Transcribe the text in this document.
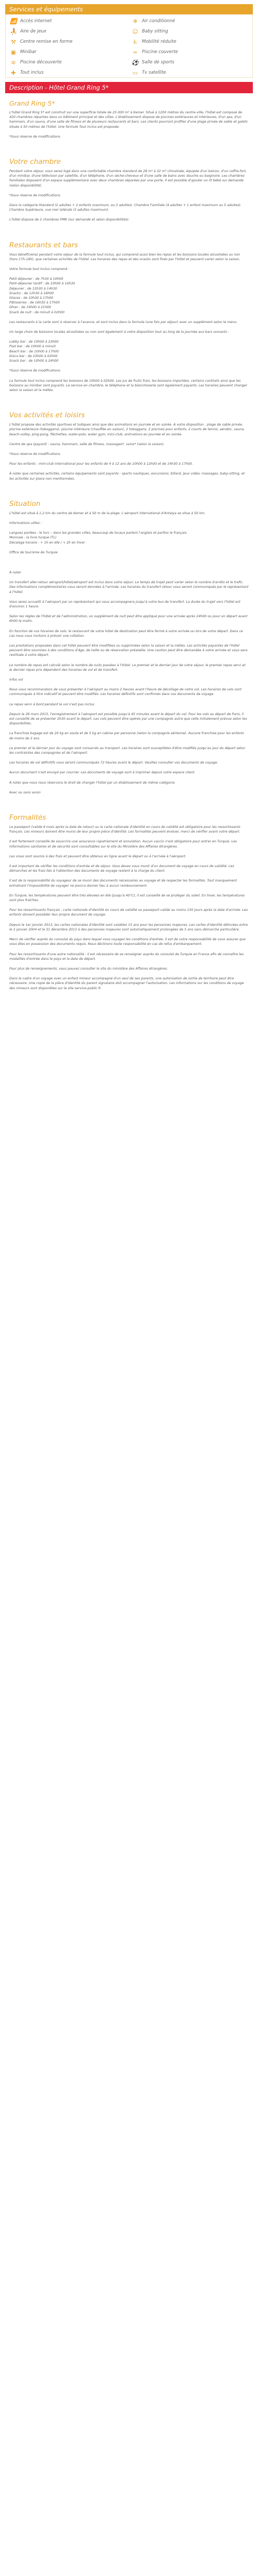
Services et équipements
📶 Accès internet	❄ Air conditionné
⛹ Aire de jeux	☺ Baby sitting
⚒ Centre remise en forme	♿ Mobilité réduite
▣ Minibar	≈ Piscine couverte
≋ Piscine découverte	⚽ Salle de sports
✚ Tout inclus	▭ Tv satellite
Description - Hôtel Grand Ring 5*
Grand Ring 5*

L'hôtel Grand Ring 5* est construit sur une superficie totale de 25 000 m² à Kemer. Situé à 1200 mètres du centre-ville, l'hôtel est composé de 420 chambres réparties dans un bâtiment principal et des villas. L'établissement dispose de piscines extérieures et intérieures, d'un spa, d'un hammam, d'un sauna, d'une salle de fitness et de plusieurs restaurants et bars. Les clients pourront profiter d'une plage privée de sable et galets située à 50 mètres de l'hôtel. Une formule Tout inclus est proposée.

*Sous réserve de modifications.

Votre chambre

Pendant votre séjour, vous serez logé dans une confortable chambre standard de 28 m² à 32 m² climatisée, équipée d'un balcon, d'un coffre-fort, d'un minibar, d'une télévision par satellite, d'un téléphone, d'un sèche-cheveux et d'une salle de bains avec douche ou baignoire. Les chambres familiales disposent d'un espace supplémentaire avec deux chambres séparées par une porte. Il est possible d'ajouter un lit bébé sur demande (selon disponibilité).

*Sous réserve de modifications.

Dans la catégorie Standard (2 adultes + 2 enfants maximum, ou 3 adultes). Chambre Familiale (4 adultes + 1 enfant maximum ou 5 adultes). Chambre Supérieure, vue mer latérale (3 adultes maximum).

L'hôtel dispose de 2 chambres PMR (sur demande et selon disponibilités).

Restaurants et bars

Vous bénéficierez pendant votre séjour de la formule tout inclus, qui comprend aussi bien les repas et les boissons locales alcoolisées ou non (hors 17h-18h), que certaines activités de l'hôtel. Les horaires des repas et des snacks sont fixés par l'hôtel et peuvent varier selon la saison.

Votre formule tout inclus comprend :

Petit-déjeuner : de 7h30 à 10h00
Petit-déjeuner tardif : de 10h00 à 10h30
Déjeuner : de 12h30 à 14h30
Snacks : de 12h30 à 16h00
Glaces : de 10h30 à 17h00
Pâtisseries : de 16h30 à 17h00
Dîner : de 19h00 à 21h00
Snack de nuit : de minuit à 02h00

Les restaurants à la carte sont à réserver à l'avance, et sont inclus dans la formule (une fois par séjour) avec un supplément selon le menu.

Un large choix de boissons locales alcoolisées ou non sont également à votre disposition tout au long de la journée aux bars suivants :

Lobby bar : de 10h00 à 23h00
Pool bar : de 10h00 à minuit
Beach bar : de 10h00 à 17h00
Disco bar : de 23h00 à 02h00
Snack bar : de 10h00 à 24h00

*Sous réserve de modifications.

La formule tout inclus comprend les boissons de 10h00 à 02h00. Les jus de fruits frais, les boissons importées, certains cocktails ainsi que les boissons au minibar sont payants. Le service en chambre, le téléphone et la blanchisserie sont également payants. Les horaires peuvent changer selon la saison et la météo.

Vos activités et loisirs

L'hôtel propose des activités sportives et ludiques ainsi que des animations en journée et en soirée. À votre disposition : plage de sable privée, piscine extérieure (toboggans), piscine intérieure (chauffée en saison), 2 toboggans, 2 piscines pour enfants, 2 courts de tennis, aérobic, sauna, beach-volley, ping-pong, fléchettes, water-polo, water gym, mini-club, animations en journée et en soirée.

Centre de spa (payant) : sauna, hammam, salle de fitness, massages*, soins* (selon la saison).

*Sous réserve de modifications.

Pour les enfants : mini-club international pour les enfants de 4 à 12 ans de 10h00 à 12h00 et de 14h30 à 17h00.

À noter que certaines activités, certains équipements sont payants : sports nautiques, excursions, billard, jeux vidéo, massages, baby-sitting, et les activités sur place non mentionnées.

Situation

L'hôtel est situé à 1,2 km du centre de Kemer et à 50 m de la plage. L'aéroport international d'Antalya se situe à 50 km.

Informations utiles :

Langues parlées : le turc – dans les grandes villes, beaucoup de locaux parlent l'anglais et parfois le français.
Monnaie : la livre turque (TL)
Décalage horaire : + 1h en été / + 2h en hiver

Office de tourisme de Turquie

À noter

Un transfert aller-retour aéroport/hôtel/aéroport est inclus dans votre séjour. Le temps de trajet peut varier selon le nombre d'arrêts et le trafic. Des informations complémentaires vous seront données à l'arrivée. Les horaires du transfert retour vous seront communiqués par le représentant à l'hôtel.

Vous serez accueilli à l'aéroport par un représentant qui vous accompagnera jusqu'à votre bus de transfert. La durée du trajet vers l'hôtel est d'environ 1 heure.

Selon les règles de l'hôtel et de l'administration, un supplément de nuit peut être appliqué pour une arrivée après 24h00 ou pour un départ avant 6h00 le matin.

En fonction de vos horaires de vols, le restaurant de votre hôtel de destination peut être fermé à votre arrivée ou lors de votre départ. Dans ce cas nous vous invitons à prévoir une collation.

Les prestations proposées dans cet hôtel peuvent être modifiées ou supprimées selon la saison et la météo. Les activités payantes de l'hôtel peuvent être soumises à des conditions d'âge, de taille ou de réservation préalable. Une caution peut être demandée à votre arrivée et vous sera restituée à votre départ.

Le nombre de repas est calculé selon le nombre de nuits passées à l'hôtel. Le premier et le dernier jour de votre séjour, le premier repas servi et le dernier repas pris dépendent des horaires de vol et de transfert.

Infos vol

Nous vous recommandons de vous présenter à l'aéroport au moins 2 heures avant l'heure de décollage de votre vol. Les horaires de vols sont communiqués à titre indicatif et peuvent être modifiés. Les horaires définitifs sont confirmés dans vos documents de voyage.

Le repas servi à bord pendant le vol n'est pas inclus.

Depuis le 28 mars 2015, l'enregistrement à l'aéroport est possible jusqu'à 45 minutes avant le départ du vol. Pour les vols au départ de Paris, il est conseillé de se présenter 2h30 avant le départ. Les vols peuvent être opérés par une compagnie autre que celle initialement prévue selon les disponibilités.

La franchise bagage est de 20 kg en soute et de 5 kg en cabine par personne (selon la compagnie aérienne). Aucune franchise pour les enfants de moins de 2 ans.

Le premier et le dernier jour du voyage sont consacrés au transport. Les horaires sont susceptibles d'être modifiés jusqu'au jour du départ selon les contraintes des compagnies et de l'aéroport.

Les horaires de vol définitifs vous seront communiqués 72 heures avant le départ. Veuillez consulter vos documents de voyage.

Aucun document n'est envoyé par courrier. Les documents de voyage sont à imprimer depuis votre espace client.

À noter que nous nous réservons le droit de changer l'hôtel par un établissement de même catégorie.

Avec ou sans avion

Formalités

Le passeport (valide 6 mois après la date de retour) ou la carte nationale d'identité en cours de validité est obligatoire pour les ressortissants français. Les mineurs doivent être munis de leur propre pièce d'identité. Les formalités peuvent évoluer, merci de vérifier avant votre départ.

Il est fortement conseillé de souscrire une assurance rapatriement et annulation. Aucun vaccin n'est obligatoire pour entrer en Turquie. Les informations sanitaires et de sécurité sont consultables sur le site du Ministère des Affaires étrangères.

Les visas sont soumis à des frais et peuvent être obtenus en ligne avant le départ ou à l'arrivée à l'aéroport.

Il est important de vérifier les conditions d'entrée et de séjour. Vous devez vous munir d'un document de voyage en cours de validité. Les démarches et les frais liés à l'obtention des documents de voyage restent à la charge du client.

Il est de la responsabilité du voyageur de se munir des documents nécessaires au voyage et de respecter les formalités. Tout manquement entraînant l'impossibilité de voyager ne pourra donner lieu à aucun remboursement.

En Turquie, les températures peuvent être très élevées en été (jusqu'à 40°C), il est conseillé de se protéger du soleil. En hiver, les températures sont plus fraîches.

Pour les ressortissants français : carte nationale d'identité en cours de validité ou passeport valide au moins 150 jours après la date d'arrivée. Les enfants doivent posséder leur propre document de voyage.

Depuis le 1er janvier 2013, les cartes nationales d'identité sont valables 15 ans pour les personnes majeures. Les cartes d'identité délivrées entre le 2 janvier 2004 et le 31 décembre 2013 à des personnes majeures sont automatiquement prolongées de 5 ans sans démarche particulière.

Merci de vérifier auprès du consulat du pays dans lequel vous voyagez les conditions d'entrée. Il est de votre responsabilité de vous assurer que vous êtes en possession des documents requis. Nous déclinons toute responsabilité en cas de refus d'embarquement.

Pour les ressortissants d'une autre nationalité : il est nécessaire de se renseigner auprès du consulat de Turquie en France afin de connaître les modalités d'entrée dans le pays et la date de départ.

Pour plus de renseignements, vous pouvez consulter le site du ministère des Affaires étrangères.

Dans le cadre d'un voyage avec un enfant mineur accompagné d'un seul de ses parents, une autorisation de sortie de territoire peut être nécessaire. Une copie de la pièce d'identité du parent signataire doit accompagner l'autorisation. Les informations sur les conditions de voyage des mineurs sont disponibles sur le site service-public.fr.
